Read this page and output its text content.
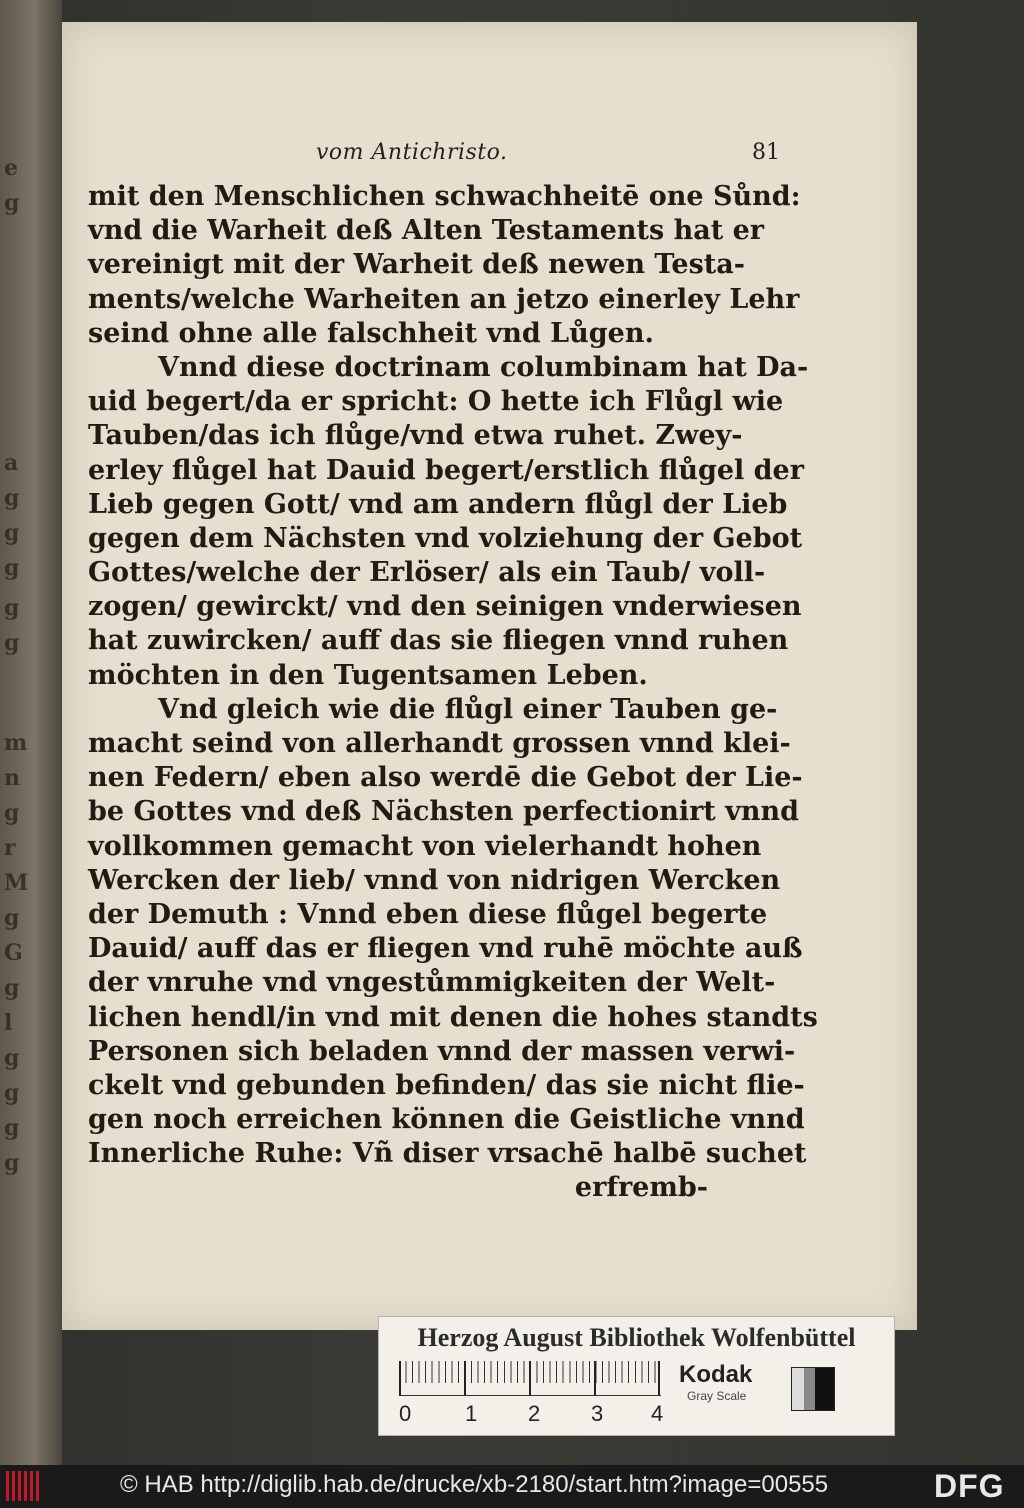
e
g
a
g
g
g
g
g
m
n
g
r
M
g
G
g
l
g
g
g
g
vom Antichristo.	81
mit den Menschlichen schwachheitē one Sůnd:
vnd die Warheit deß Alten Testaments hat er
vereinigt mit der Warheit deß newen Testa-
ments/welche Warheiten an jetzo einerley Lehr
seind ohne alle falschheit vnd Lůgen.
Vnnd diese doctrinam columbinam hat Da-
uid begert/da er spricht: O hette ich Flůgl wie
Tauben/das ich flůge/vnd etwa ruhet. Zwey-
erley flůgel hat Dauid begert/erstlich flůgel der
Lieb gegen Gott/ vnd am andern flůgl der Lieb
gegen dem Nächsten vnd volziehung der Gebot
Gottes/welche der Erlöser/ als ein Taub/ voll-
zogen/ gewirckt/ vnd den seinigen vnderwiesen
hat zuwircken/ auff das sie fliegen vnnd ruhen
möchten in den Tugentsamen Leben.
Vnd gleich wie die flůgl einer Tauben ge-
macht seind von allerhandt grossen vnnd klei-
nen Federn/ eben also werdē die Gebot der Lie-
be Gottes vnd deß Nächsten perfectionirt vnnd
vollkommen gemacht von vielerhandt hohen
Wercken der lieb/ vnnd von nidrigen Wercken
der Demuth : Vnnd eben diese flůgel begerte
Dauid/ auff das er fliegen vnd ruhē möchte auß
der vnruhe vnd vngestůmmigkeiten der Welt-
lichen hendl/in vnd mit denen die hohes standts
Personen sich beladen vnnd der massen verwi-
ckelt vnd gebunden befinden/ das sie nicht flie-
gen noch erreichen können die Geistliche vnnd
Innerliche Ruhe: Vñ diser vrsachē halbē suchet
erfremb-
Herzog August Bibliothek Wolfenbüttel
0 1 2 3 4
Kodak
Gray Scale
© HAB http://diglib.hab.de/drucke/xb-2180/start.htm?image=00555	DFG
